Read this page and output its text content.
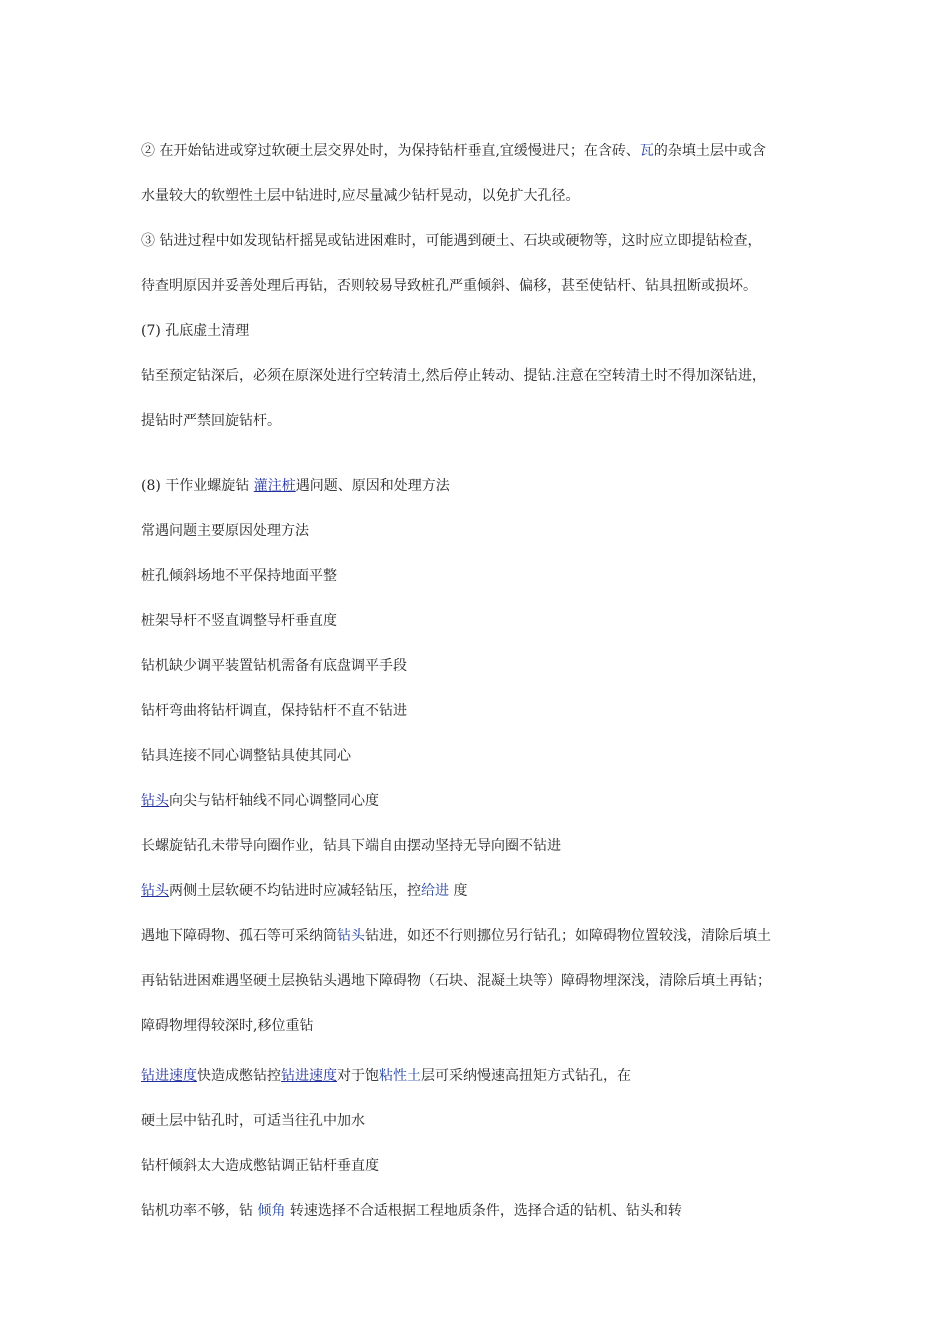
② 在开始钻进或穿过软硬土层交界处时，为保持钻杆垂直,宜缓慢进尺；在含砖、瓦的杂填土层中或含
水量较大的软塑性土层中钻进时,应尽量减少钻杆晃动，以免扩大孔径。
③ 钻进过程中如发现钻杆摇晃或钻进困难时，可能遇到硬土、石块或硬物等，这时应立即提钻检查，
待查明原因并妥善处理后再钻，否则较易导致桩孔严重倾斜、偏移，甚至使钻杆、钻具扭断或损坏。
(7) 孔底虚土清理
钻至预定钻深后，必须在原深处进行空转清土,然后停止转动、提钻.注意在空转清土时不得加深钻进，
提钻时严禁回旋钻杆。
(8) 干作业螺旋钻 灌注桩遇问题、原因和处理方法
常遇问题主要原因处理方法
桩孔倾斜场地不平保持地面平整
桩架导杆不竖直调整导杆垂直度
钻机缺少调平装置钻机需备有底盘调平手段
钻杆弯曲将钻杆调直，保持钻杆不直不钻进
钻具连接不同心调整钻具使其同心
钻头向尖与钻杆轴线不同心调整同心度
长螺旋钻孔未带导向圈作业，钻具下端自由摆动坚持无导向圈不钻进
钻头两侧土层软硬不均钻进时应减轻钻压，控给进 度
遇地下障碍物、孤石等可采纳筒钻头钻进，如还不行则挪位另行钻孔；如障碍物位置较浅，清除后填土
再钻钻进困难遇坚硬土层换钻头遇地下障碍物（石块、混凝土块等）障碍物埋深浅，清除后填土再钻；
障碍物埋得较深时,移位重钻
钻进速度快造成憋钻控钻进速度对于饱粘性土层可采纳慢速高扭矩方式钻孔，在
硬土层中钻孔时，可适当往孔中加水
钻杆倾斜太大造成憋钻调正钻杆垂直度
钻机功率不够，钻 倾角 转速选择不合适根据工程地质条件，选择合适的钻机、钻头和转
